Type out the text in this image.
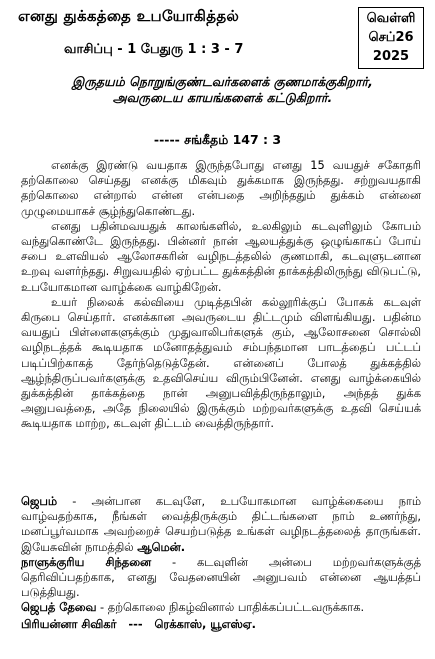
எனது துக்கத்தை உபயோகித்தல்	வெள்ளி
செப்26
2025
வாசிப்பு - 1 பேதுரு 1 : 3 - 7
இருதயம் நொறுங்குண்டவர்களைக் குணமாக்குகிறார்,
அவருடைய காயங்களைக் கட்டுகிறார்.
----- சங்கீதம் 147 : 3

எனக்கு இரண்டு வயதாக இருந்தபோது எனது 15 வயதுச் சகோதரி தற்கொலை செய்தது எனக்கு மிகவும் துக்கமாக இருந்தது. சற்றுவயதாகி தற்கொலை என்றால் என்ன என்பதை அறிந்ததும் துக்கம் என்னை முழுமையாகச் சூழ்ந்துகொண்டது.

எனது பதின்மவயதுக் காலங்களில், உலகிலும் கடவுளிலும் கோபம் வந்துகொண்டே இருந்தது. பின்னர் நான் ஆலயத்துக்கு ஒழுங்காகப் போய் சபை உளவியல் ஆலோசகரின் வழிநடத்தலில் குணமாகி, கடவுளுடனான உறவு வளர்ந்தது. சிறுவயதில் ஏற்பட்ட துக்கத்தின் தாக்கத்திலிருந்து விடுபட்டு, உபயோகமான வாழ்க்கை வாழ்கிறேன்.

உயர் நிலைக் கல்வியை முடித்தபின் கல்லூரிக்குப் போகக் கடவுள் கிருபை செய்தார். எனக்கான அவருடைய திட்டமும் விளங்கியது. பதின்ம வயதுப் பிள்ளைகளுக்கும் முதுவாலிபர்களுக் கும், ஆலோசனை சொல்லி வழிநடத்தக் கூடியதாக மனோதத்துவம் சம்பந்தமான பாடத்தைப் பட்டப் படிப்பிற்காகத் தேர்ந்தெடுத்தேன். என்னைப் போலத் துக்கத்தில் ஆழ்ந்திருப்பவர்களுக்கு உதவிசெய்ய விரும்பினேன். எனது வாழ்க்கையில் துக்கத்தின் தாக்கத்தை நான் அனுபவித்திருந்தாலும், அந்தத் துக்க அனுபவத்தை, அதே நிலையில் இருக்கும் மற்றவர்களுக்கு உதவி செய்யக் கூடியதாக மாற்ற, கடவுள் திட்டம் வைத்திருந்தார்.

ஜெபம் - அன்பான கடவுளே, உபயோகமான வாழ்க்கையை நாம் வாழ்வதற்காக, நீங்கள் வைத்திருக்கும் திட்டங்களை நாம் உணர்ந்து, மனப்பூர்வமாக அவற்றைச் செயற்படுத்த உங்கள் வழிநடத்தலைத் தாருங்கள். இயேசுவின் நாமத்தில் ஆமென்.

நாளுக்குரிய சிந்தனை - கடவுளின் அன்பை மற்றவர்களுக்குத் தெரிவிப்பதற்காக, எனது வேதனையின் அனுபவம் என்னை ஆயத்தப் படுத்தியது.

ஜெபத் தேவை - தற்கொலை நிகழ்வினால் பாதிக்கப்பட்டவருக்காக.

பிரியன்னா சிவிகர் --- ரெக்காஸ், யூஎஸ்ஏ.
